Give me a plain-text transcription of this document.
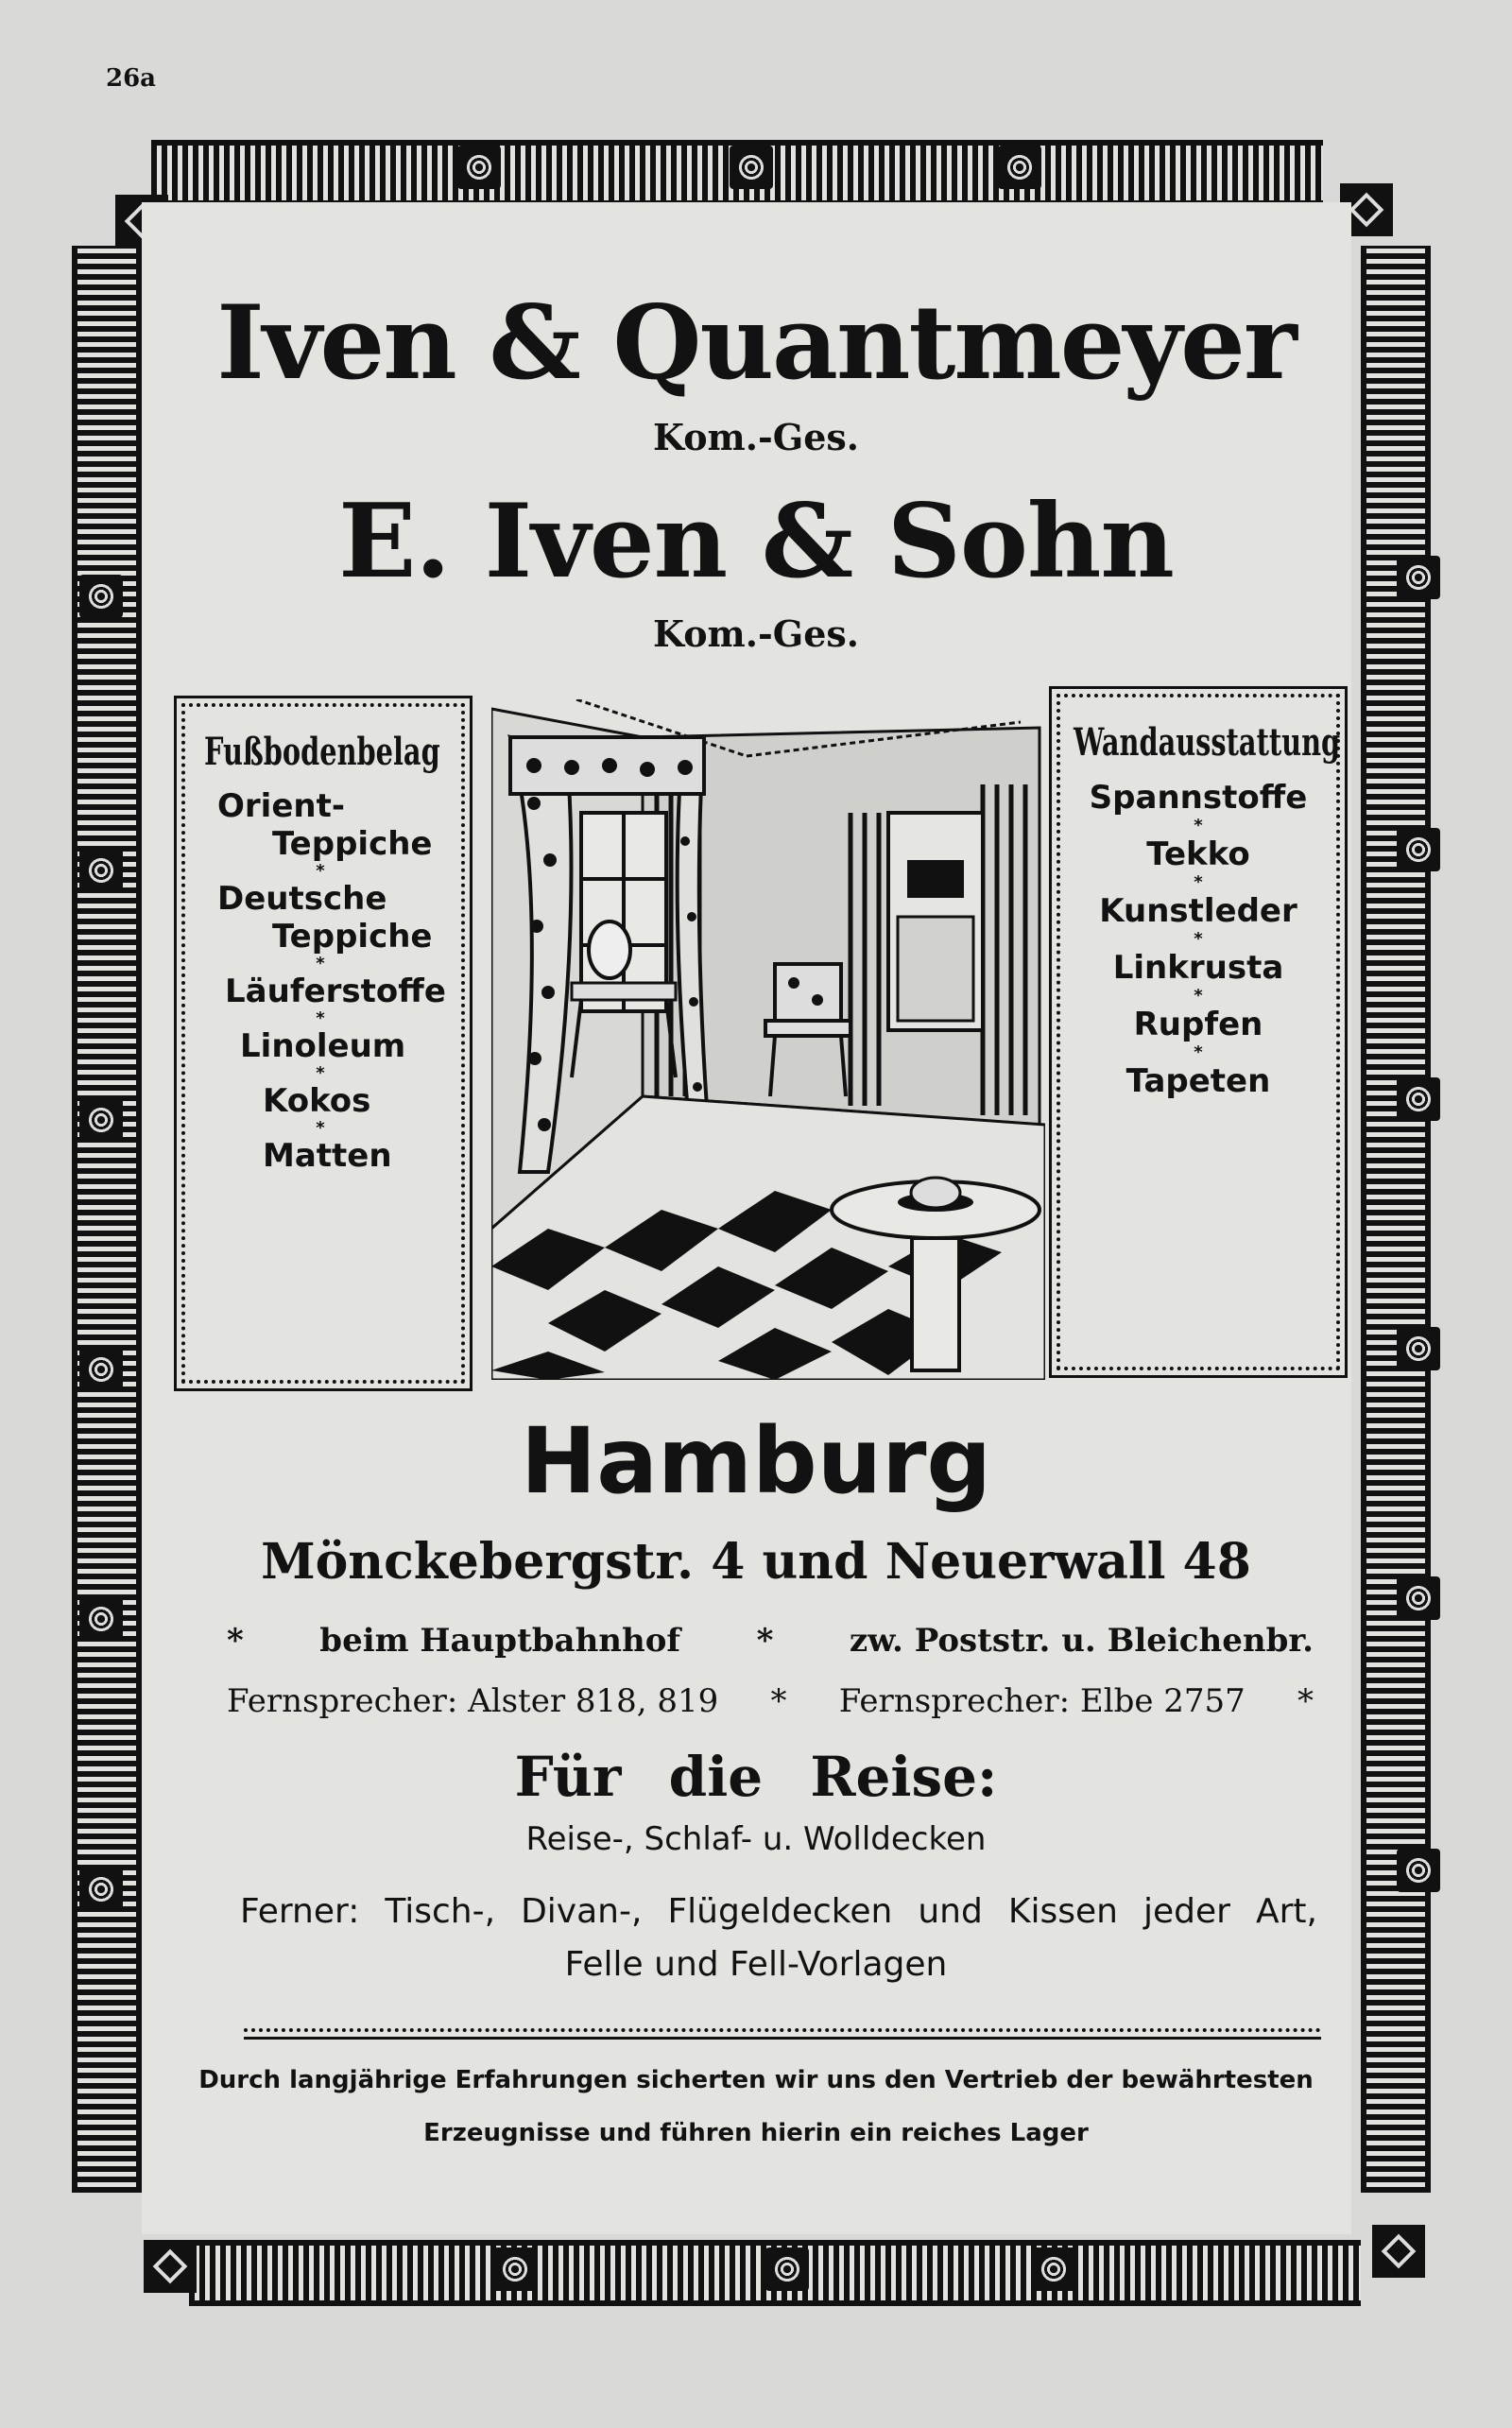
26a
Iven & Quantmeyer
Kom.-Ges.
E. Iven & Sohn
Kom.-Ges.
Fußbodenbelag
Orient-
Teppiche
*
Deutsche
Teppiche
*
Läuferstoffe
*
Linoleum
*
Kokos
*
Matten
Wandausstattung
Spannstoffe
*
Tekko
*
Kunstleder
*
Linkrusta
*
Rupfen
*
Tapeten
Hamburg
Mönckebergstr. 4 und Neuerwall 48
* beim Hauptbahnhof * zw. Poststr. u. Bleichenbr.
Fernsprecher: Alster 818, 819 * Fernsprecher: Elbe 2757 *
Für die Reise:
Reise-, Schlaf- u. Wolldecken
Ferner: Tisch-, Divan-, Flügeldecken und Kissen jeder Art,
Felle und Fell-Vorlagen
Durch langjährige Erfahrungen sicherten wir uns den Vertrieb der bewährtesten
Erzeugnisse und führen hierin ein reiches Lager
